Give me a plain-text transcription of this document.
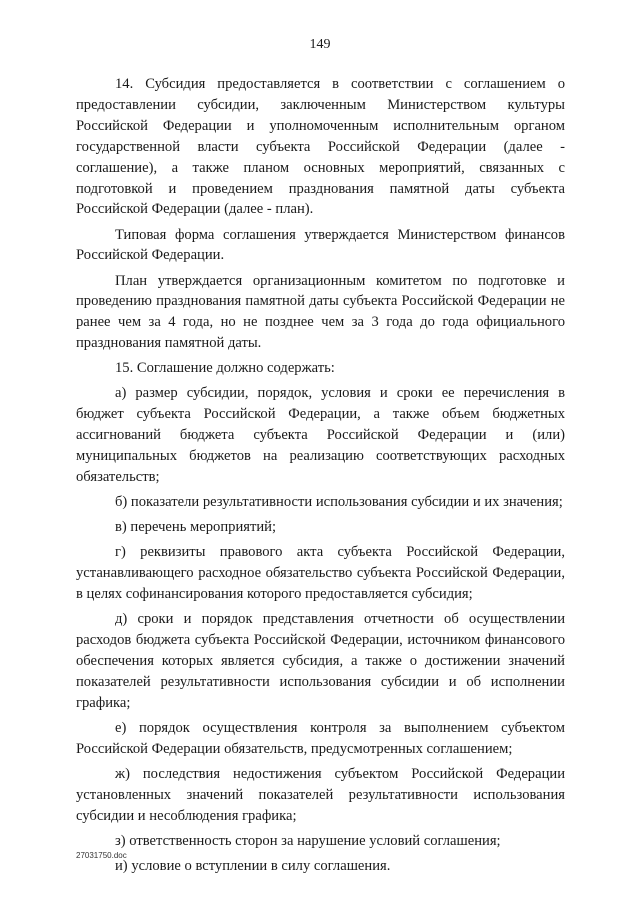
149

14. Субсидия предоставляется в соответствии с соглашением о предоставлении субсидии, заключенным Министерством культуры Российской Федерации и уполномоченным исполнительным органом государственной власти субъекта Российской Федерации (далее - соглашение), а также планом основных мероприятий, связанных с подготовкой и проведением празднования памятной даты субъекта Российской Федерации (далее - план).

Типовая форма соглашения утверждается Министерством финансов Российской Федерации.

План утверждается организационным комитетом по подготовке и проведению празднования памятной даты субъекта Российской Федерации не ранее чем за 4 года, но не позднее чем за 3 года до года официального празднования памятной даты.

15. Соглашение должно содержать:

а) размер субсидии, порядок, условия и сроки ее перечисления в бюджет субъекта Российской Федерации, а также объем бюджетных ассигнований бюджета субъекта Российской Федерации и (или) муниципальных бюджетов на реализацию соответствующих расходных обязательств;

б) показатели результативности использования субсидии и их значения;

в) перечень мероприятий;

г) реквизиты правового акта субъекта Российской Федерации, устанавливающего расходное обязательство субъекта Российской Федерации, в целях софинансирования которого предоставляется субсидия;

д) сроки и порядок представления отчетности об осуществлении расходов бюджета субъекта Российской Федерации, источником финансового обеспечения которых является субсидия, а также о достижении значений показателей результативности использования субсидии и об исполнении графика;

е) порядок осуществления контроля за выполнением субъектом Российской Федерации обязательств, предусмотренных соглашением;

ж) последствия недостижения субъектом Российской Федерации установленных значений показателей результативности использования субсидии и несоблюдения графика;

з) ответственность сторон за нарушение условий соглашения;

и) условие о вступлении в силу соглашения.

27031750.doc
